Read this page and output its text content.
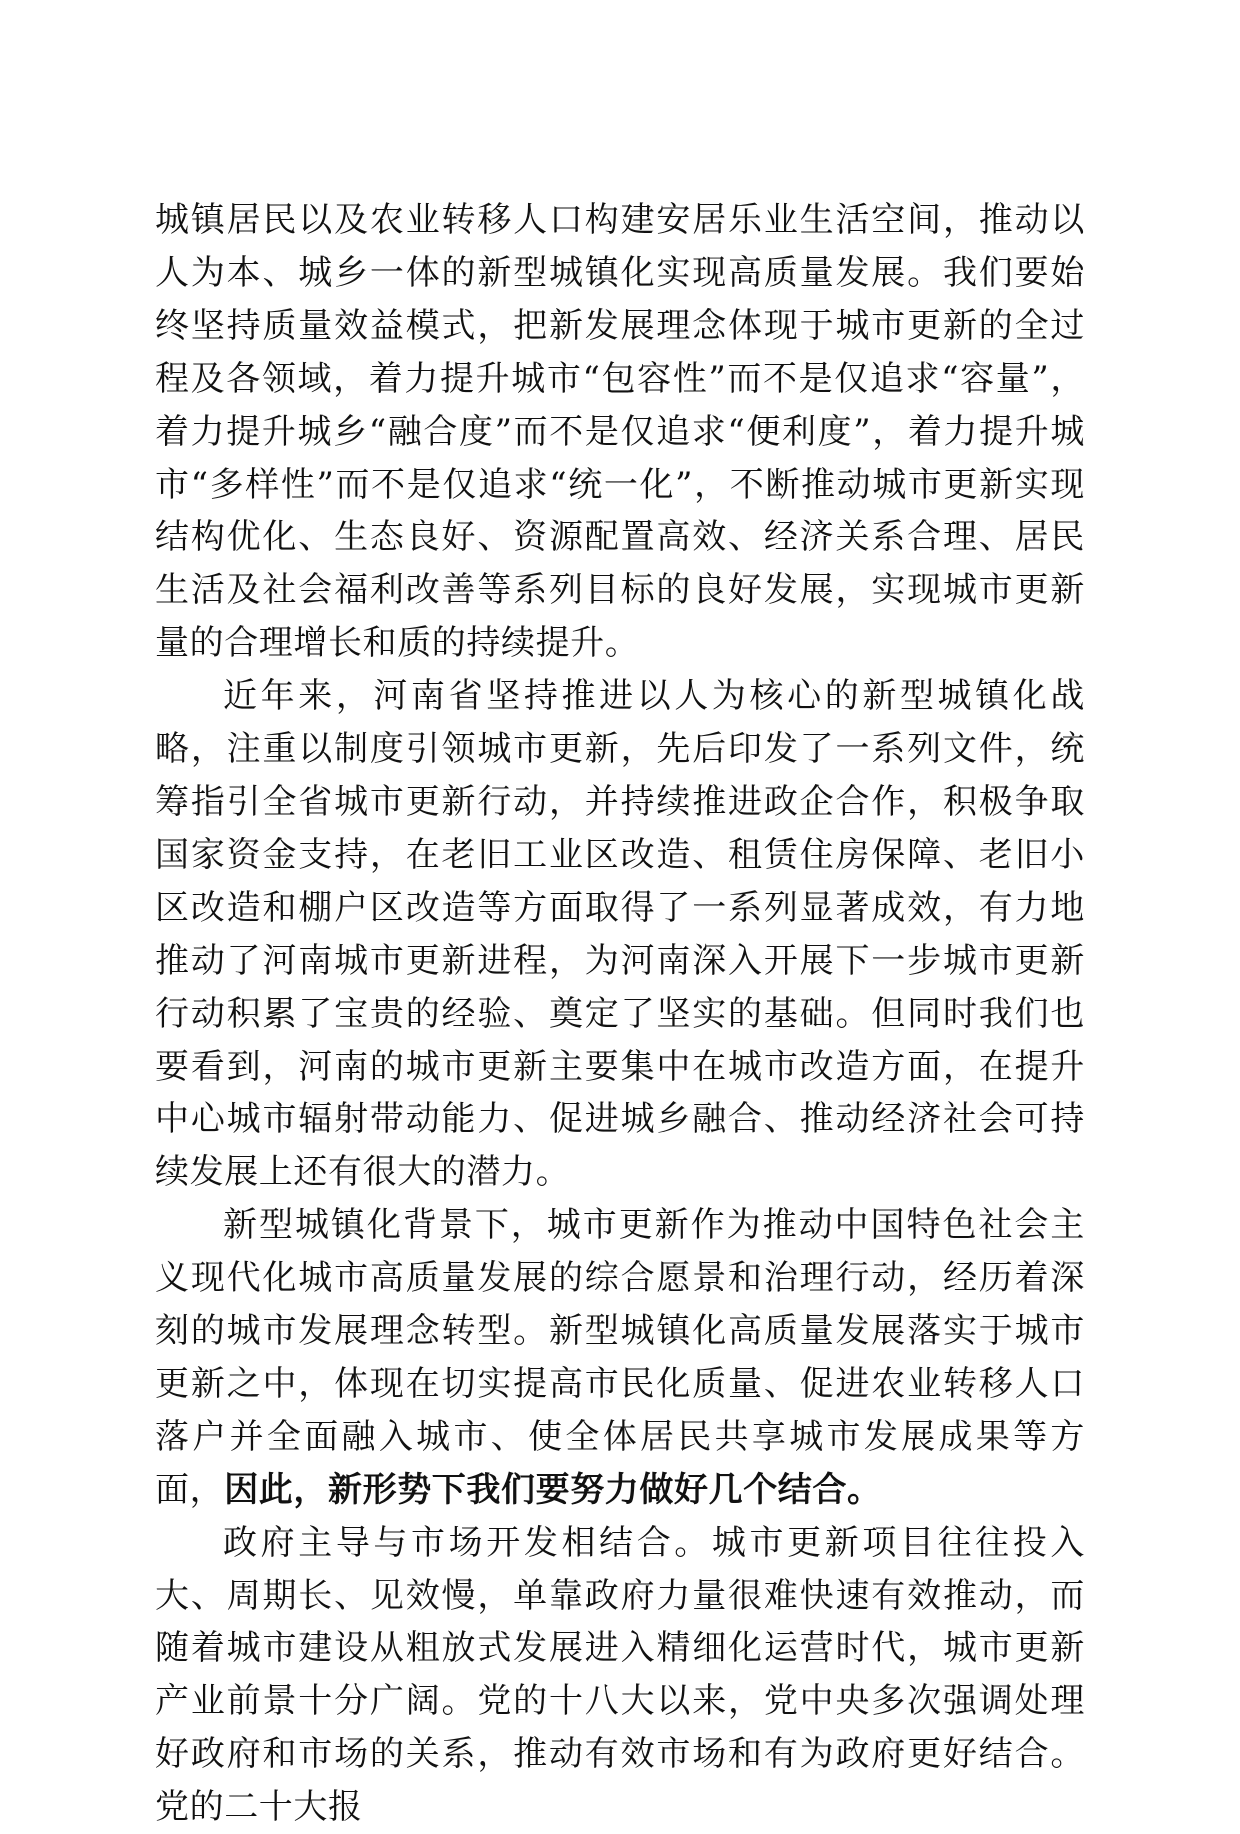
城镇居民以及农业转移人口构建安居乐业生活空间，推动以人为本、城乡一体的新型城镇化实现高质量发展。我们要始终坚持质量效益模式，把新发展理念体现于城市更新的全过程及各领域，着力提升城市“包容性”而不是仅追求“容量”，着力提升城乡“融合度”而不是仅追求“便利度”，着力提升城市“多样性”而不是仅追求“统一化”，不断推动城市更新实现结构优化、生态良好、资源配置高效、经济关系合理、居民生活及社会福利改善等系列目标的良好发展，实现城市更新量的合理增长和质的持续提升。

近年来，河南省坚持推进以人为核心的新型城镇化战略，注重以制度引领城市更新，先后印发了一系列文件，统筹指引全省城市更新行动，并持续推进政企合作，积极争取国家资金支持，在老旧工业区改造、租赁住房保障、老旧小区改造和棚户区改造等方面取得了一系列显著成效，有力地推动了河南城市更新进程，为河南深入开展下一步城市更新行动积累了宝贵的经验、奠定了坚实的基础。但同时我们也要看到，河南的城市更新主要集中在城市改造方面，在提升中心城市辐射带动能力、促进城乡融合、推动经济社会可持续发展上还有很大的潜力。

新型城镇化背景下，城市更新作为推动中国特色社会主义现代化城市高质量发展的综合愿景和治理行动，经历着深刻的城市发展理念转型。新型城镇化高质量发展落实于城市更新之中，体现在切实提高市民化质量、促进农业转移人口落户并全面融入城市、使全体居民共享城市发展成果等方面，因此，新形势下我们要努力做好几个结合。

政府主导与市场开发相结合。城市更新项目往往投入大、周期长、见效慢，单靠政府力量很难快速有效推动，而随着城市建设从粗放式发展进入精细化运营时代，城市更新产业前景十分广阔。党的十八大以来，党中央多次强调处理好政府和市场的关系，推动有效市场和有为政府更好结合。党的二十大报
